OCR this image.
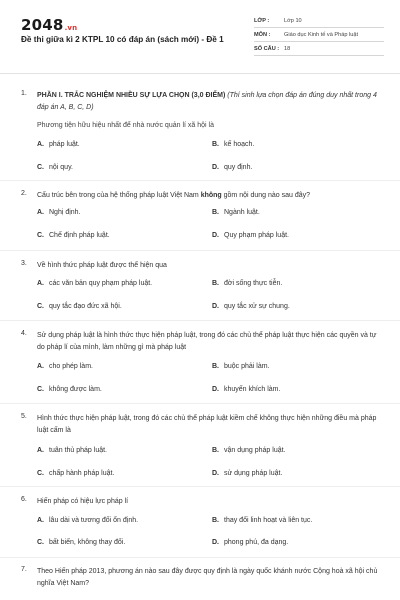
2048.vn
Đề thi giữa kì 2 KTPL 10 có đáp án (sách mới) - Đề 1
LỚP :	Lớp 10
MÔN :	Giáo dục Kinh tế và Pháp luật
SỐ CÂU : 18
1. PHẦN I. TRẮC NGHIỆM NHIỀU SỰ LỰA CHỌN (3,0 ĐIỂM) (Thí sinh lựa chọn đáp án đúng duy nhất trong 4 đáp án A, B, C, D)
Phương tiện hữu hiệu nhất để nhà nước quản lí xã hội là
A. pháp luật.	B. kế hoạch.
C. nội quy.	D. quy định.
2. Cấu trúc bên trong của hệ thống pháp luật Việt Nam không gồm nội dung nào sau đây?
A. Nghị định.	B. Ngành luật.
C. Chế định pháp luật.	D. Quy phạm pháp luật.
3. Về hình thức pháp luật được thể hiện qua
A. các văn bản quy phạm pháp luật.	B. đời sống thực tiễn.
C. quy tắc đạo đức xã hội.	D. quy tắc xử sự chung.
4. Sử dụng pháp luật là hình thức thực hiện pháp luật, trong đó các chủ thể pháp luật thực hiện các quyền và tự do pháp lí của mình, làm những gì mà pháp luật
A. cho phép làm.	B. buộc phải làm.
C. không được làm.	D. khuyến khích làm.
5. Hình thức thực hiện pháp luật, trong đó các chủ thể pháp luật kiềm chế không thực hiện những điều mà pháp luật cấm là
A. tuân thủ pháp luật.	B. vận dụng pháp luật.
C. chấp hành pháp luật.	D. sử dụng pháp luật.
6. Hiến pháp có hiệu lực pháp lí
A. lâu dài và tương đối ổn định.	B. thay đổi linh hoạt và liên tục.
C. bất biến, không thay đổi.	D. phong phú, đa dạng.
7. Theo Hiến pháp 2013, phương án nào sau đây được quy định là ngày quốc khánh nước Cộng hoà xã hội chủ nghĩa Việt Nam?
